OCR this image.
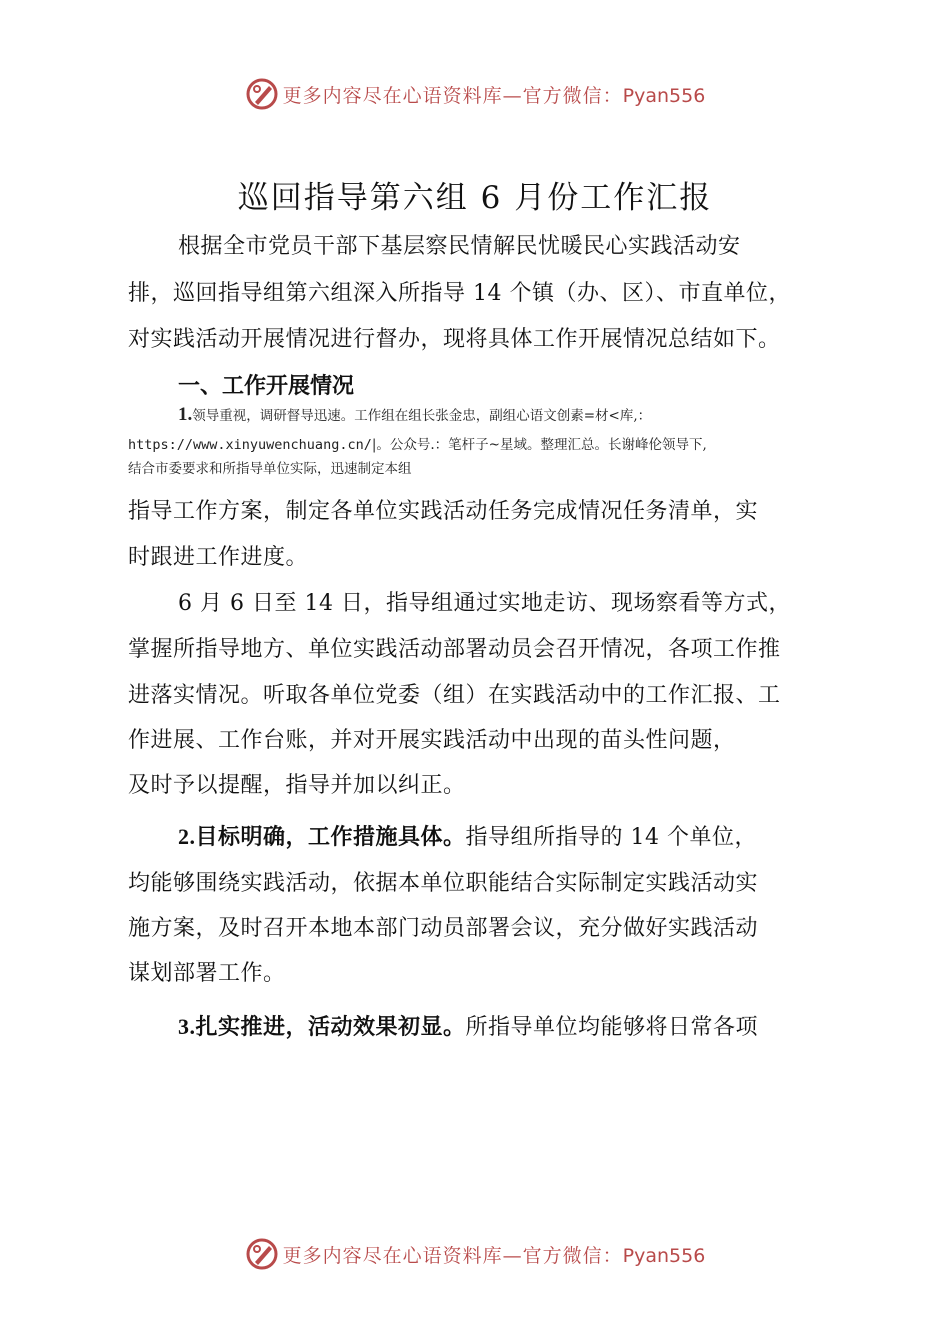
更多内容尽在心语资料库—官方微信：Pyan556
巡回指导第六组 6 月份工作汇报
根据全市党员干部下基层察民情解民忧暖民心实践活动安
排，巡回指导组第六组深入所指导 14 个镇（办、区）、市直单位，
对实践活动开展情况进行督办，现将具体工作开展情况总结如下。
一、工作开展情况
1.领导重视，调研督导迅速。工作组在组长张金忠，副组心语文创素=材<库,：
https://www.xinyuwenchuang.cn/|。公众号.：笔杆子~星域。整理汇总。长谢峰伦领导下,
结合市委要求和所指导单位实际，迅速制定本组
指导工作方案，制定各单位实践活动任务完成情况任务清单，实
时跟进工作进度。
6 月 6 日至 14 日，指导组通过实地走访、现场察看等方式，
掌握所指导地方、单位实践活动部署动员会召开情况，各项工作推
进落实情况。听取各单位党委（组）在实践活动中的工作汇报、工
作进展、工作台账，并对开展实践活动中出现的苗头性问题，
及时予以提醒，指导并加以纠正。
2.目标明确，工作措施具体。指导组所指导的 14 个单位，
均能够围绕实践活动，依据本单位职能结合实际制定实践活动实
施方案，及时召开本地本部门动员部署会议，充分做好实践活动
谋划部署工作。
3.扎实推进，活动效果初显。所指导单位均能够将日常各项
更多内容尽在心语资料库—官方微信：Pyan556
